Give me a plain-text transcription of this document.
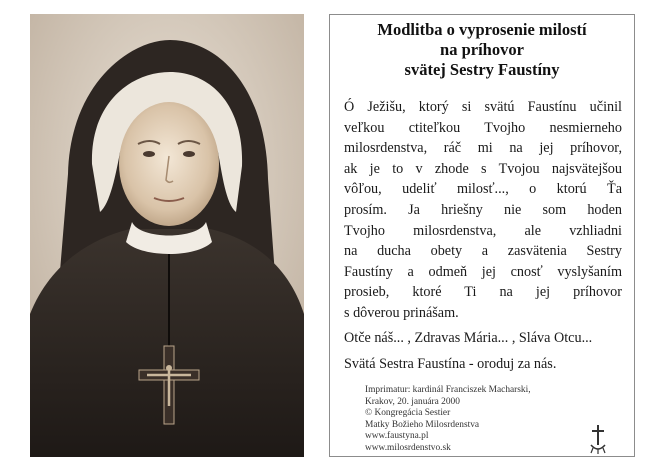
Modlitba o vyprosenie milostí
na príhovor
svätej Sestry Faustíny
Ó Ježišu, ktorý si svätú Faustínu učinil
veľkou ctiteľkou Tvojho nesmierneho
milosrdenstva, ráč mi na jej príhovor,
ak je to v zhode s Tvojou najsvätejšou
vôľou, udeliť milosť..., o ktorú Ťa
prosím. Ja hriešny nie som hoden
Tvojho milosrdenstva, ale vzhliadni
na ducha obety a zasvätenia Sestry
Faustíny a odmeň jej cnosť vyslyšaním
prosieb, ktoré Ti na jej príhovor
s dôverou prinášam.
Otče náš... , Zdravas Mária... , Sláva Otcu...
Svätá Sestra Faustína - oroduj za nás.
Imprimatur: kardinál Franciszek Macharski,
Krakov, 20. januára 2000
© Kongregácia Sestier
Matky Božieho Milosrdenstva
www.faustyna.pl
www.milosrdenstvo.sk
